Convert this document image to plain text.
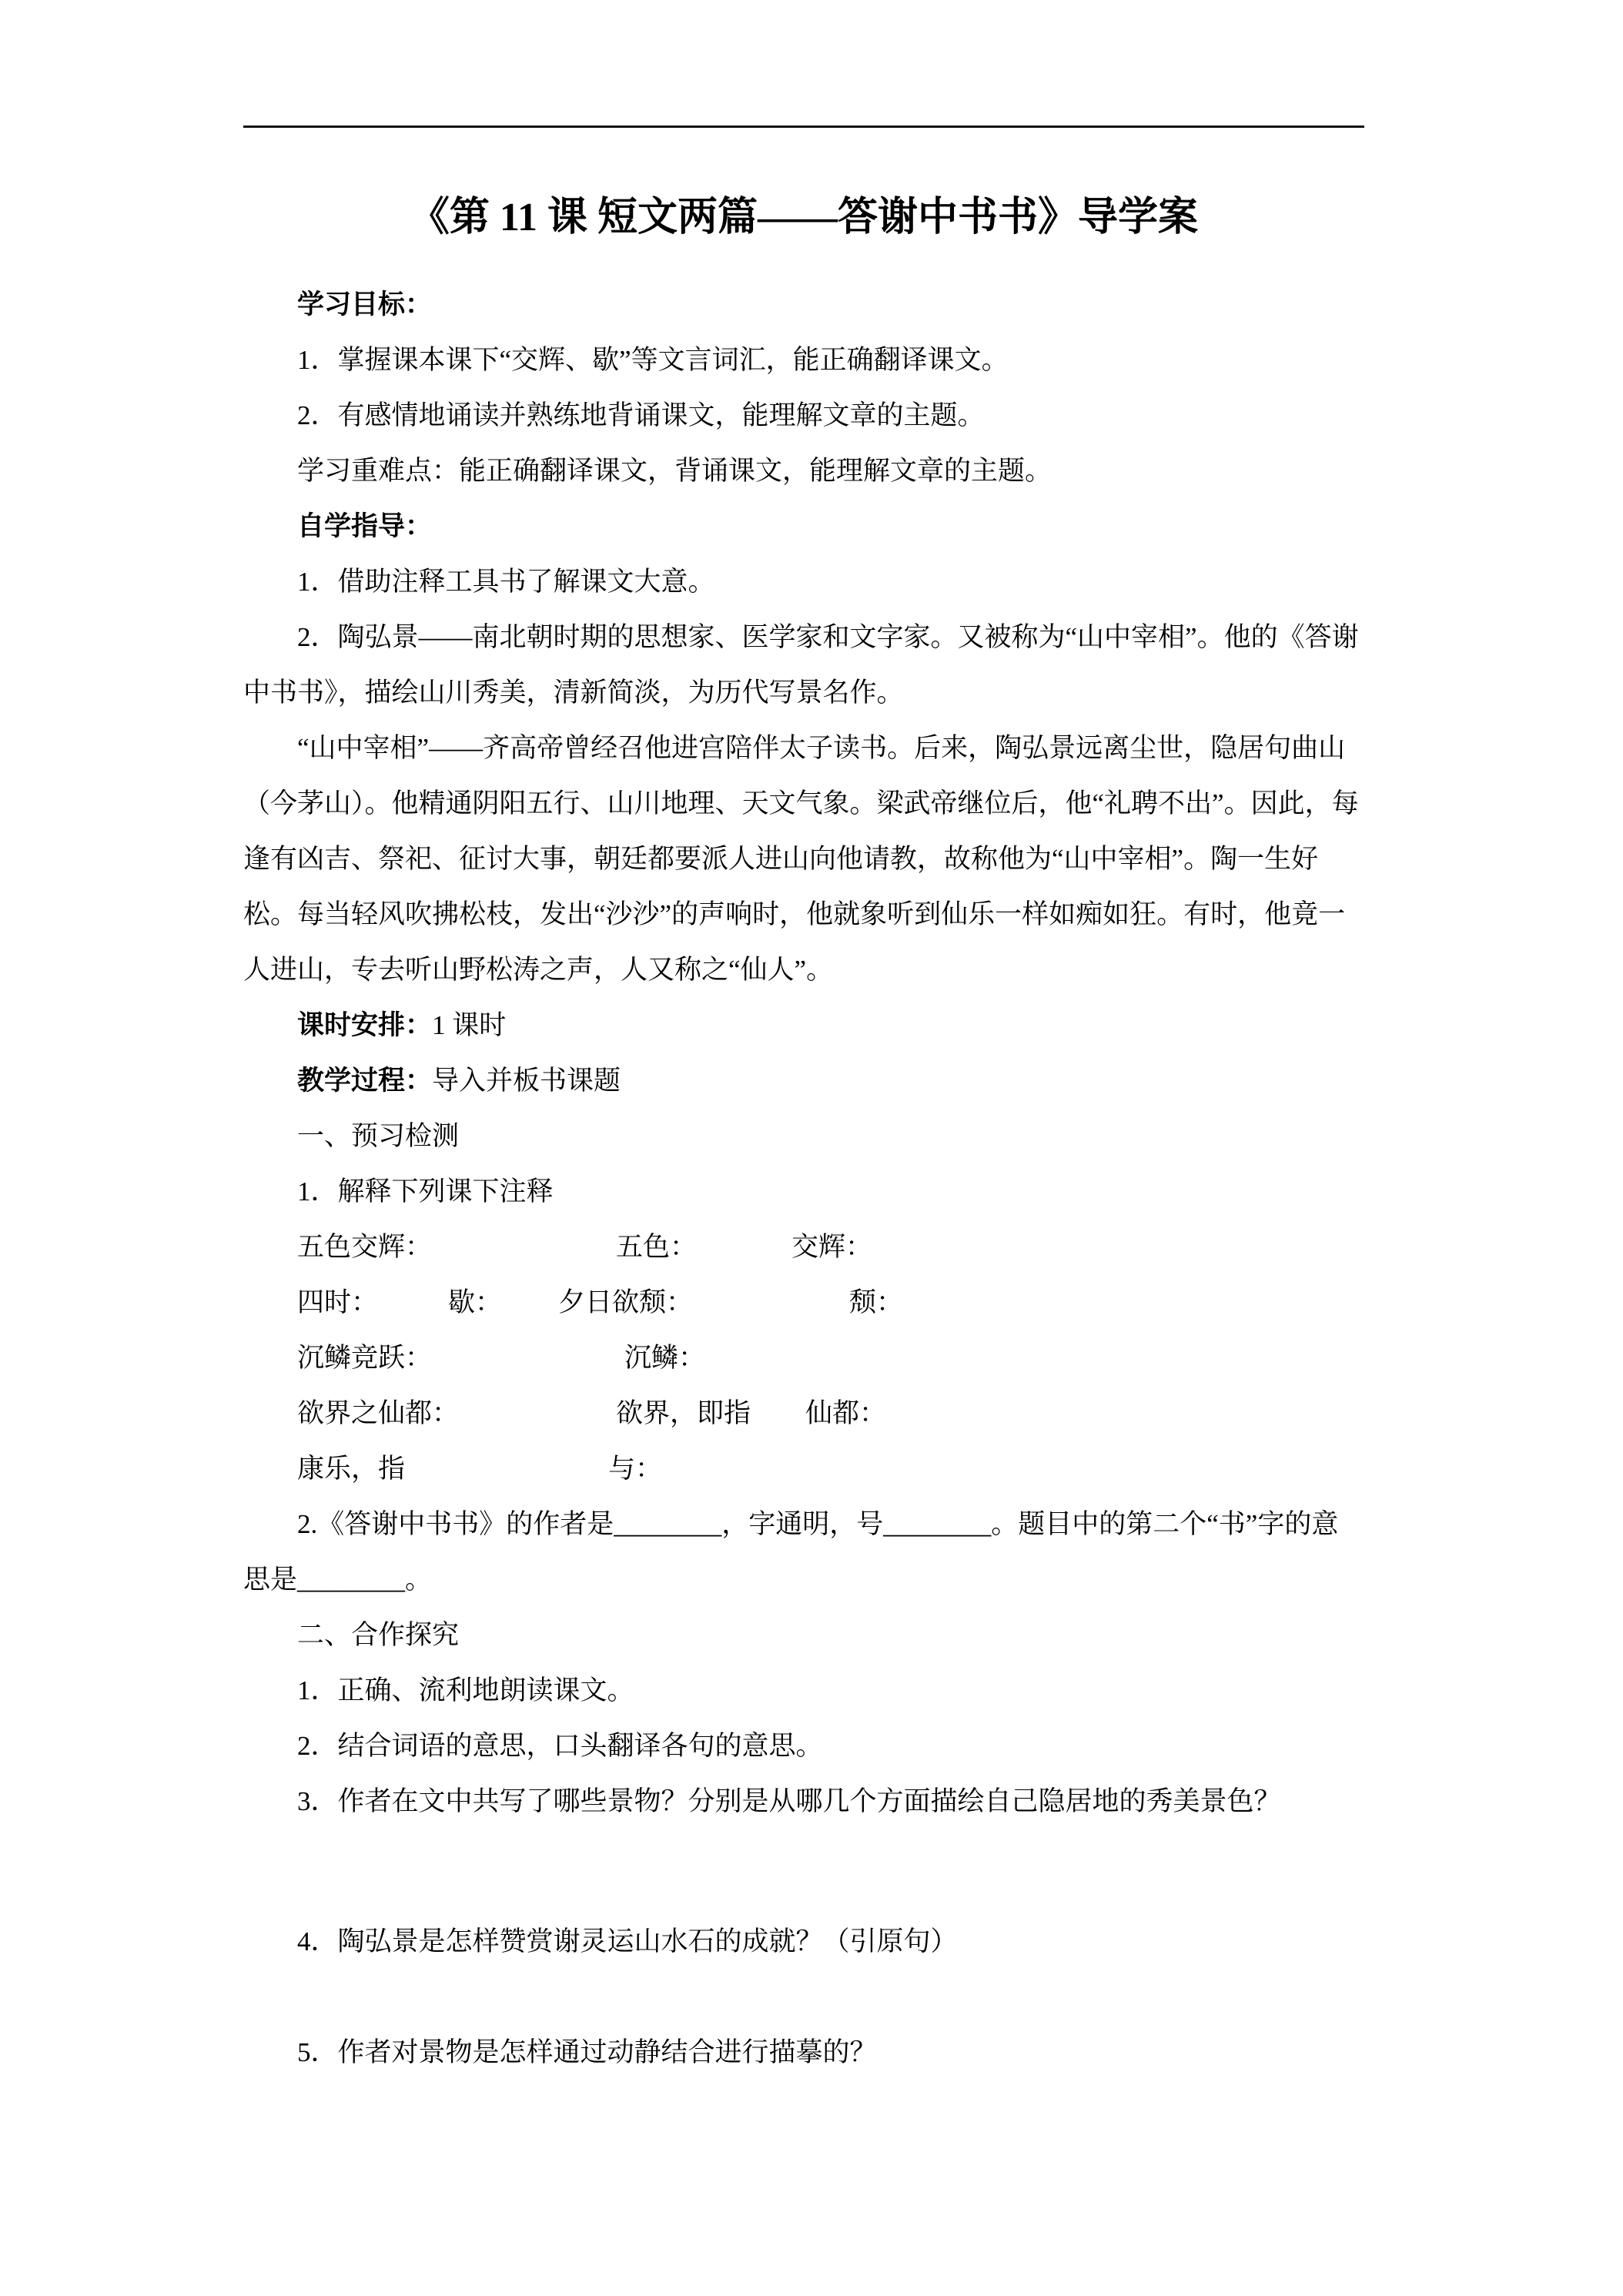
《第 11 课 短文两篇——答谢中书书》导学案
学习目标：
1．掌握课本课下“交辉、歇”等文言词汇，能正确翻译课文。
2．有感情地诵读并熟练地背诵课文，能理解文章的主题。
学习重难点：能正确翻译课文，背诵课文，能理解文章的主题。
自学指导：
1．借助注释工具书了解课文大意。
2．陶弘景——南北朝时期的思想家、医学家和文字家。又被称为“山中宰相”。他的《答谢中书书》，描绘山川秀美，清新简淡，为历代写景名作。
“山中宰相”——齐高帝曾经召他进宫陪伴太子读书。后来，陶弘景远离尘世，隐居句曲山（今茅山）。他精通阴阳五行、山川地理、天文气象。梁武帝继位后，他“礼聘不出”。因此，每逢有凶吉、祭祀、征讨大事，朝廷都要派人进山向他请教，故称他为“山中宰相”。陶一生好松。每当轻风吹拂松枝，发出“沙沙”的声响时，他就象听到仙乐一样如痴如狂。有时，他竟一人进山，专去听山野松涛之声，人又称之“仙人”。
课时安排：1 课时
教学过程：导入并板书课题
一、预习检测
1．解释下列课下注释
五色交辉：	五色：	交辉：
四时：	歇： 夕日欲颓：	颓：
沉鳞竞跃：	沉鳞：
欲界之仙都：	欲界，即指 仙都：
康乐，指	与：
2.《答谢中书书》的作者是________，字通明，号________。题目中的第二个“书”字的意思是________。
二、合作探究
1．正确、流利地朗读课文。
2．结合词语的意思，口头翻译各句的意思。
3．作者在文中共写了哪些景物？分别是从哪几个方面描绘自己隐居地的秀美景色？
4．陶弘景是怎样赞赏谢灵运山水石的成就？（引原句）
5．作者对景物是怎样通过动静结合进行描摹的？
